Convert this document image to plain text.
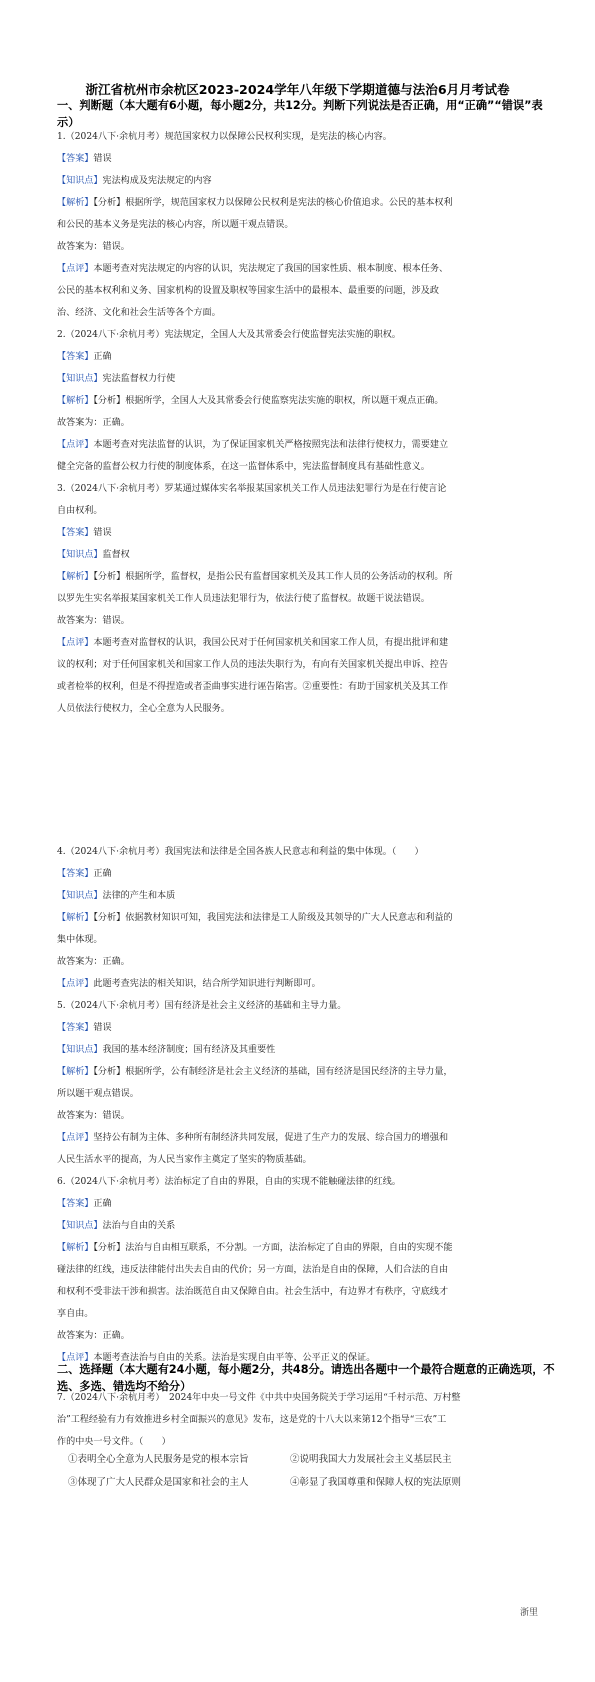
浙江省杭州市余杭区2023-2024学年八年级下学期道德与法治6月月考试卷
一、判断题（本大题有6小题，每小题2分，共12分。判断下列说法是否正确，用“正确”“错误”表示）
1.（2024八下·余杭月考）规范国家权力以保障公民权利实现，是宪法的核心内容。
【答案】错误
【知识点】宪法构成及宪法规定的内容
【解析】【分析】根据所学，规范国家权力以保障公民权利是宪法的核心价值追求。公民的基本权利
和公民的基本义务是宪法的核心内容，所以题干观点错误。
故答案为：错误。
【点评】本题考查对宪法规定的内容的认识，宪法规定了我国的国家性质、根本制度、根本任务、
公民的基本权利和义务、国家机构的设置及职权等国家生活中的最根本、最重要的问题，涉及政
治、经济、文化和社会生活等各个方面。
2.（2024八下·余杭月考）宪法规定，全国人大及其常委会行使监督宪法实施的职权。
【答案】正确
【知识点】宪法监督权力行使
【解析】【分析】根据所学，全国人大及其常委会行使监察宪法实施的职权，所以题干观点正确。
故答案为：正确。
【点评】本题考查对宪法监督的认识，为了保证国家机关严格按照宪法和法律行使权力，需要建立
健全完备的监督公权力行使的制度体系，在这一监督体系中，宪法监督制度具有基础性意义。
3.（2024八下·余杭月考）罗某通过媒体实名举报某国家机关工作人员违法犯罪行为是在行使言论
自由权利。
【答案】错误
【知识点】监督权
【解析】【分析】根据所学，监督权，是指公民有监督国家机关及其工作人员的公务活动的权利。所
以罗先生实名举报某国家机关工作人员违法犯罪行为，依法行使了监督权。故题干说法错误。
故答案为：错误。
【点评】本题考查对监督权的认识，我国公民对于任何国家机关和国家工作人员，有提出批评和建
议的权利；对于任何国家机关和国家工作人员的违法失职行为，有向有关国家机关提出申诉、控告
或者检举的权利，但是不得捏造或者歪曲事实进行诬告陷害。②重要性：有助于国家机关及其工作
人员依法行使权力，全心全意为人民服务。
4.（2024八下·余杭月考）我国宪法和法律是全国各族人民意志和利益的集中体现。（　　）
【答案】正确
【知识点】法律的产生和本质
【解析】【分析】依据教材知识可知，我国宪法和法律是工人阶级及其领导的广大人民意志和利益的
集中体现。
故答案为：正确。
【点评】此题考查宪法的相关知识，结合所学知识进行判断即可。
5.（2024八下·余杭月考）国有经济是社会主义经济的基础和主导力量。
【答案】错误
【知识点】我国的基本经济制度；国有经济及其重要性
【解析】【分析】根据所学，公有制经济是社会主义经济的基础，国有经济是国民经济的主导力量，
所以题干观点错误。
故答案为：错误。
【点评】坚持公有制为主体、多种所有制经济共同发展，促进了生产力的发展、综合国力的增强和
人民生活水平的提高，为人民当家作主奠定了坚实的物质基础。
6.（2024八下·余杭月考）法治标定了自由的界限，自由的实现不能触碰法律的红线。
【答案】正确
【知识点】法治与自由的关系
【解析】【分析】法治与自由相互联系，不分割。一方面，法治标定了自由的界限，自由的实现不能
碰法律的红线，违反法律能付出失去自由的代价；另一方面，法治是自由的保障，人们合法的自由
和权利不受非法干涉和损害。法治既范自由又保障自由。社会生活中，有边界才有秩序，守底线才
享自由。
故答案为：正确。
【点评】本题考查法治与自由的关系。法治是实现自由平等、公平正义的保证。
7.（2024八下·余杭月考）　2024年中央一号文件《中共中央国务院关于学习运用“千村示范、万村整
治”工程经验有力有效推进乡村全面振兴的意见》发布，这是党的十八大以来第12个指导“三农”工
作的中央一号文件。（　　）
二、选择题（本大题有24小题，每小题2分，共48分。请选出各题中一个最符合题意的正确选项，不选、多选、错选均不给分）
①表明全心全意为人民服务是党的根本宗旨	②说明我国大力发展社会主义基层民主
③体现了广大人民群众是国家和社会的主人	④彰显了我国尊重和保障人权的宪法原则
浙里
